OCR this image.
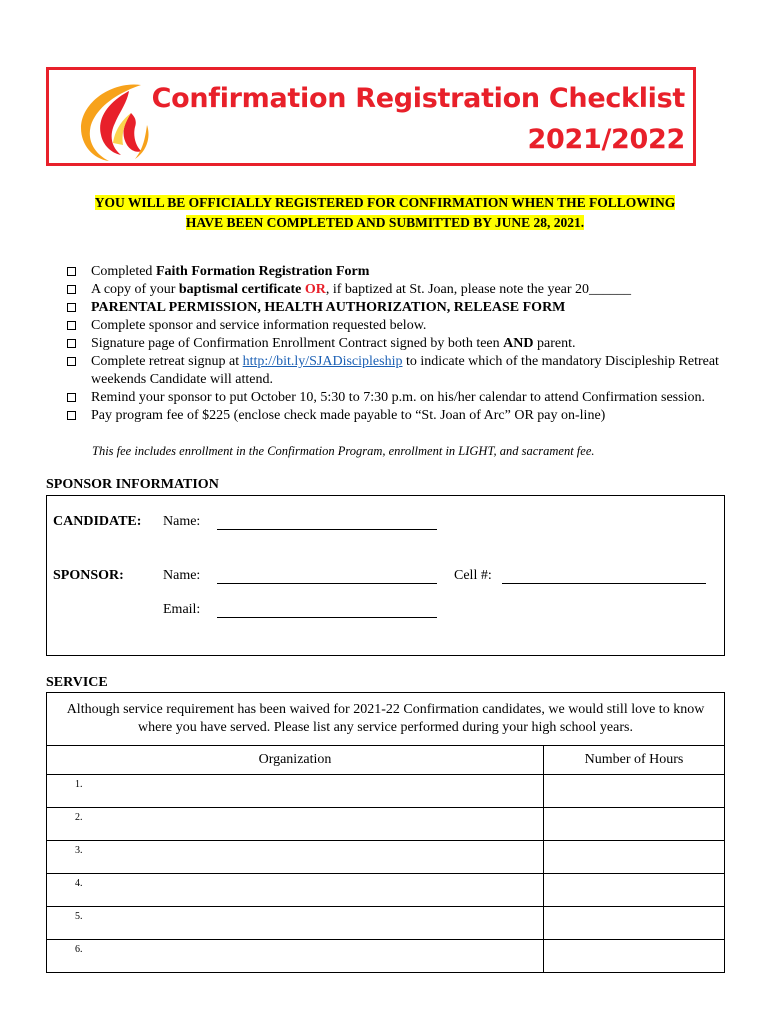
Confirmation Registration Checklist
2021/2022
YOU WILL BE OFFICIALLY REGISTERED FOR CONFIRMATION WHEN THE FOLLOWING
HAVE BEEN COMPLETED AND SUBMITTED BY JUNE 28, 2021.
Completed Faith Formation Registration Form
A copy of your baptismal certificate OR, if baptized at St. Joan, please note the year 20______
PARENTAL PERMISSION, HEALTH AUTHORIZATION, RELEASE FORM
Complete sponsor and service information requested below.
Signature page of Confirmation Enrollment Contract signed by both teen AND parent.
Complete retreat signup at http://bit.ly/SJADiscipleship to indicate which of the mandatory Discipleship Retreat weekends Candidate will attend.
Remind your sponsor to put October 10, 5:30 to 7:30 p.m. on his/her calendar to attend Confirmation session.
Pay program fee of $225 (enclose check made payable to “St. Joan of Arc” OR pay on-line)
This fee includes enrollment in the Confirmation Program, enrollment in LIGHT, and sacrament fee.
SPONSOR INFORMATION
CANDIDATE: Name:
SPONSOR:	Name:	Cell #:
Email:
SERVICE
Although service requirement has been waived for 2021-22 Confirmation candidates, we would still love to know where you have served. Please list any service performed during your high school years.	

Organization	Number of Hours
1.	
2.	
3.	
4.	
5.	
6.	
